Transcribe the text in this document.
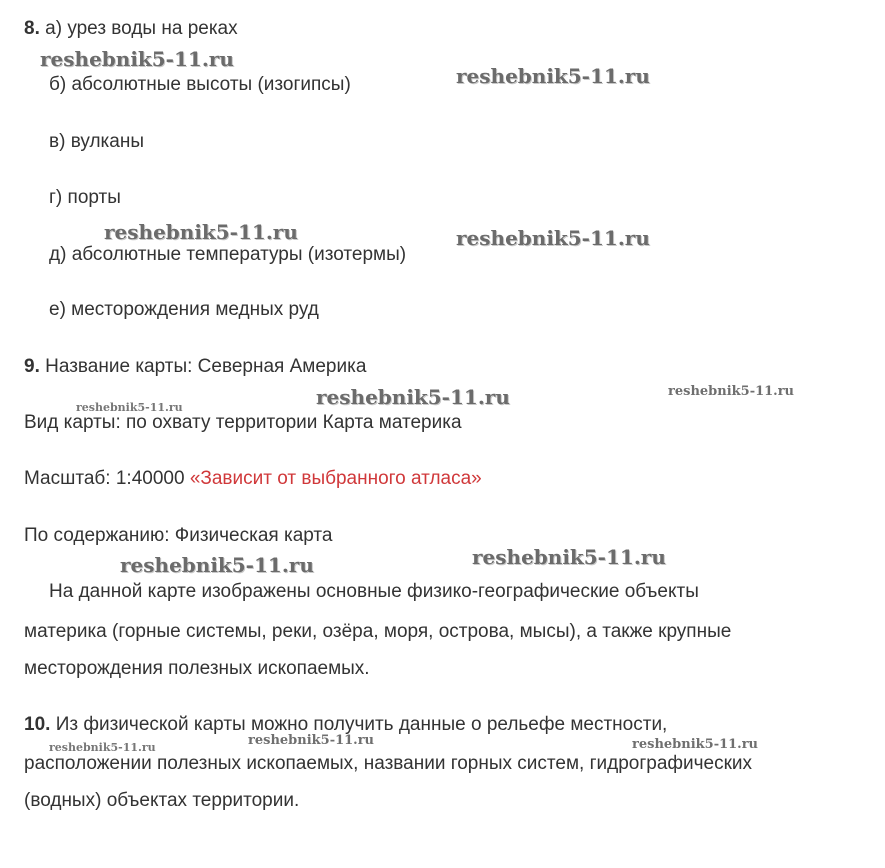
8. а) урез воды на реках
б) абсолютные высоты (изогипсы)
в) вулканы
г) порты
д) абсолютные температуры (изотермы)
е) месторождения медных руд
9. Название карты: Северная Америка
Вид карты: по охвату территории Карта материка
Масштаб: 1:40000 «Зависит от выбранного атласа»
По содержанию: Физическая карта
На данной карте изображены основные физико-географические объекты
материка (горные системы, реки, озёра, моря, острова, мысы), а также крупные
месторождения полезных ископаемых.
10. Из физической карты можно получить данные о рельефе местности,
расположении полезных ископаемых, названии горных систем, гидрографических
(водных) объектах территории.
reshebnik5-11.ru
reshebnik5-11.ru
reshebnik5-11.ru	reshebnik5-11.ru
reshebnik5-11.ru	reshebnik5-11.ru
reshebnik5-11.ru
reshebnik5-11.ru	reshebnik5-11.ru
reshebnik5-11.ru	reshebnik5-11.ru	reshebnik5-11.ru
